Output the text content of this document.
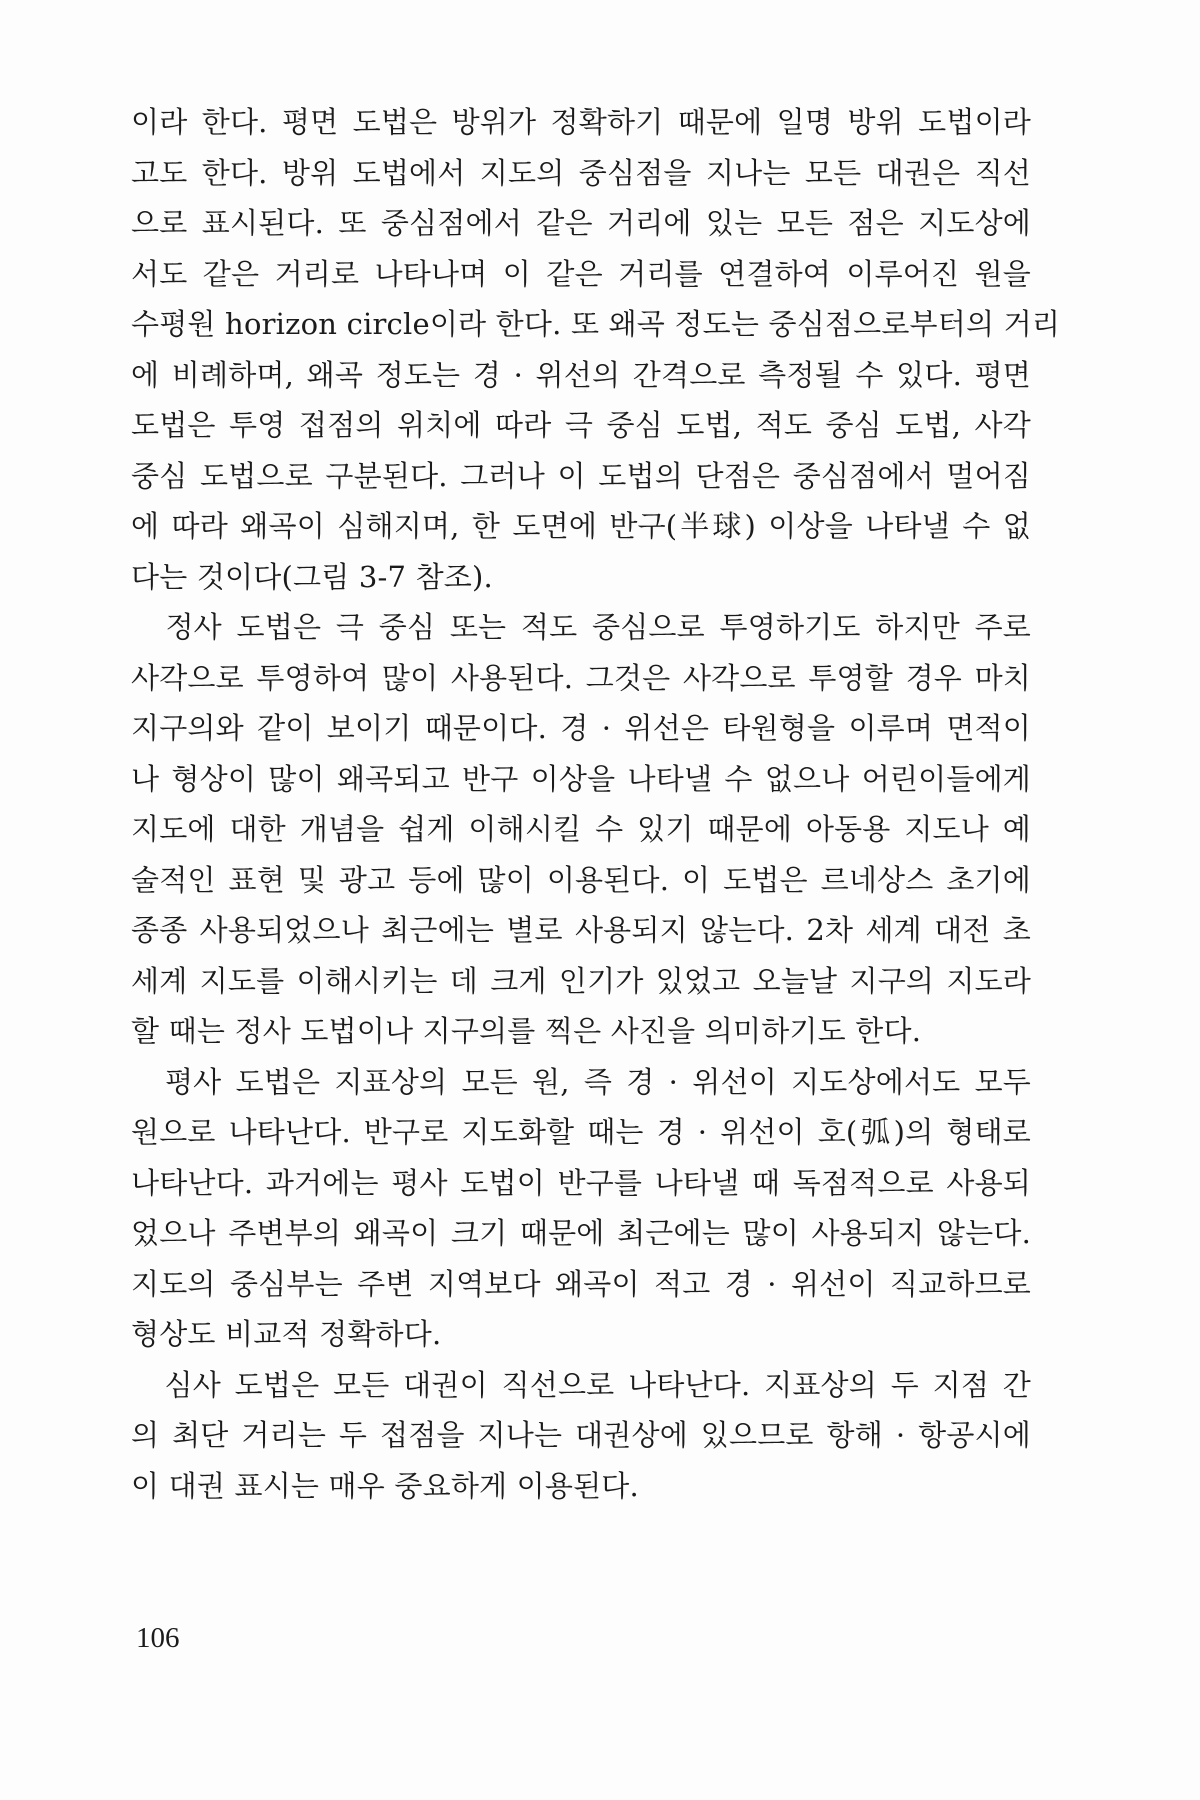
이라 한다. 평면 도법은 방위가 정확하기 때문에 일명 방위 도법이라
고도 한다. 방위 도법에서 지도의 중심점을 지나는 모든 대권은 직선
으로 표시된다. 또 중심점에서 같은 거리에 있는 모든 점은 지도상에
서도 같은 거리로 나타나며 이 같은 거리를 연결하여 이루어진 원을
수평원 horizon circle이라 한다. 또 왜곡 정도는 중심점으로부터의 거리
에 비례하며, 왜곡 정도는 경 · 위선의 간격으로 측정될 수 있다. 평면
도법은 투영 접점의 위치에 따라 극 중심 도법, 적도 중심 도법, 사각
중심 도법으로 구분된다. 그러나 이 도법의 단점은 중심점에서 멀어짐
에 따라 왜곡이 심해지며, 한 도면에 반구(半球) 이상을 나타낼 수 없
다는 것이다(그림 3-7 참조).
　정사 도법은 극 중심 또는 적도 중심으로 투영하기도 하지만 주로
사각으로 투영하여 많이 사용된다. 그것은 사각으로 투영할 경우 마치
지구의와 같이 보이기 때문이다. 경 · 위선은 타원형을 이루며 면적이
나 형상이 많이 왜곡되고 반구 이상을 나타낼 수 없으나 어린이들에게
지도에 대한 개념을 쉽게 이해시킬 수 있기 때문에 아동용 지도나 예
술적인 표현 및 광고 등에 많이 이용된다. 이 도법은 르네상스 초기에
종종 사용되었으나 최근에는 별로 사용되지 않는다. 2차 세계 대전 초
세계 지도를 이해시키는 데 크게 인기가 있었고 오늘날 지구의 지도라
할 때는 정사 도법이나 지구의를 찍은 사진을 의미하기도 한다.
　평사 도법은 지표상의 모든 원, 즉 경 · 위선이 지도상에서도 모두
원으로 나타난다. 반구로 지도화할 때는 경 · 위선이 호(弧)의 형태로
나타난다. 과거에는 평사 도법이 반구를 나타낼 때 독점적으로 사용되
었으나 주변부의 왜곡이 크기 때문에 최근에는 많이 사용되지 않는다.
지도의 중심부는 주변 지역보다 왜곡이 적고 경 · 위선이 직교하므로
형상도 비교적 정확하다.
　심사 도법은 모든 대권이 직선으로 나타난다. 지표상의 두 지점 간
의 최단 거리는 두 접점을 지나는 대권상에 있으므로 항해 · 항공시에
이 대권 표시는 매우 중요하게 이용된다.
106
